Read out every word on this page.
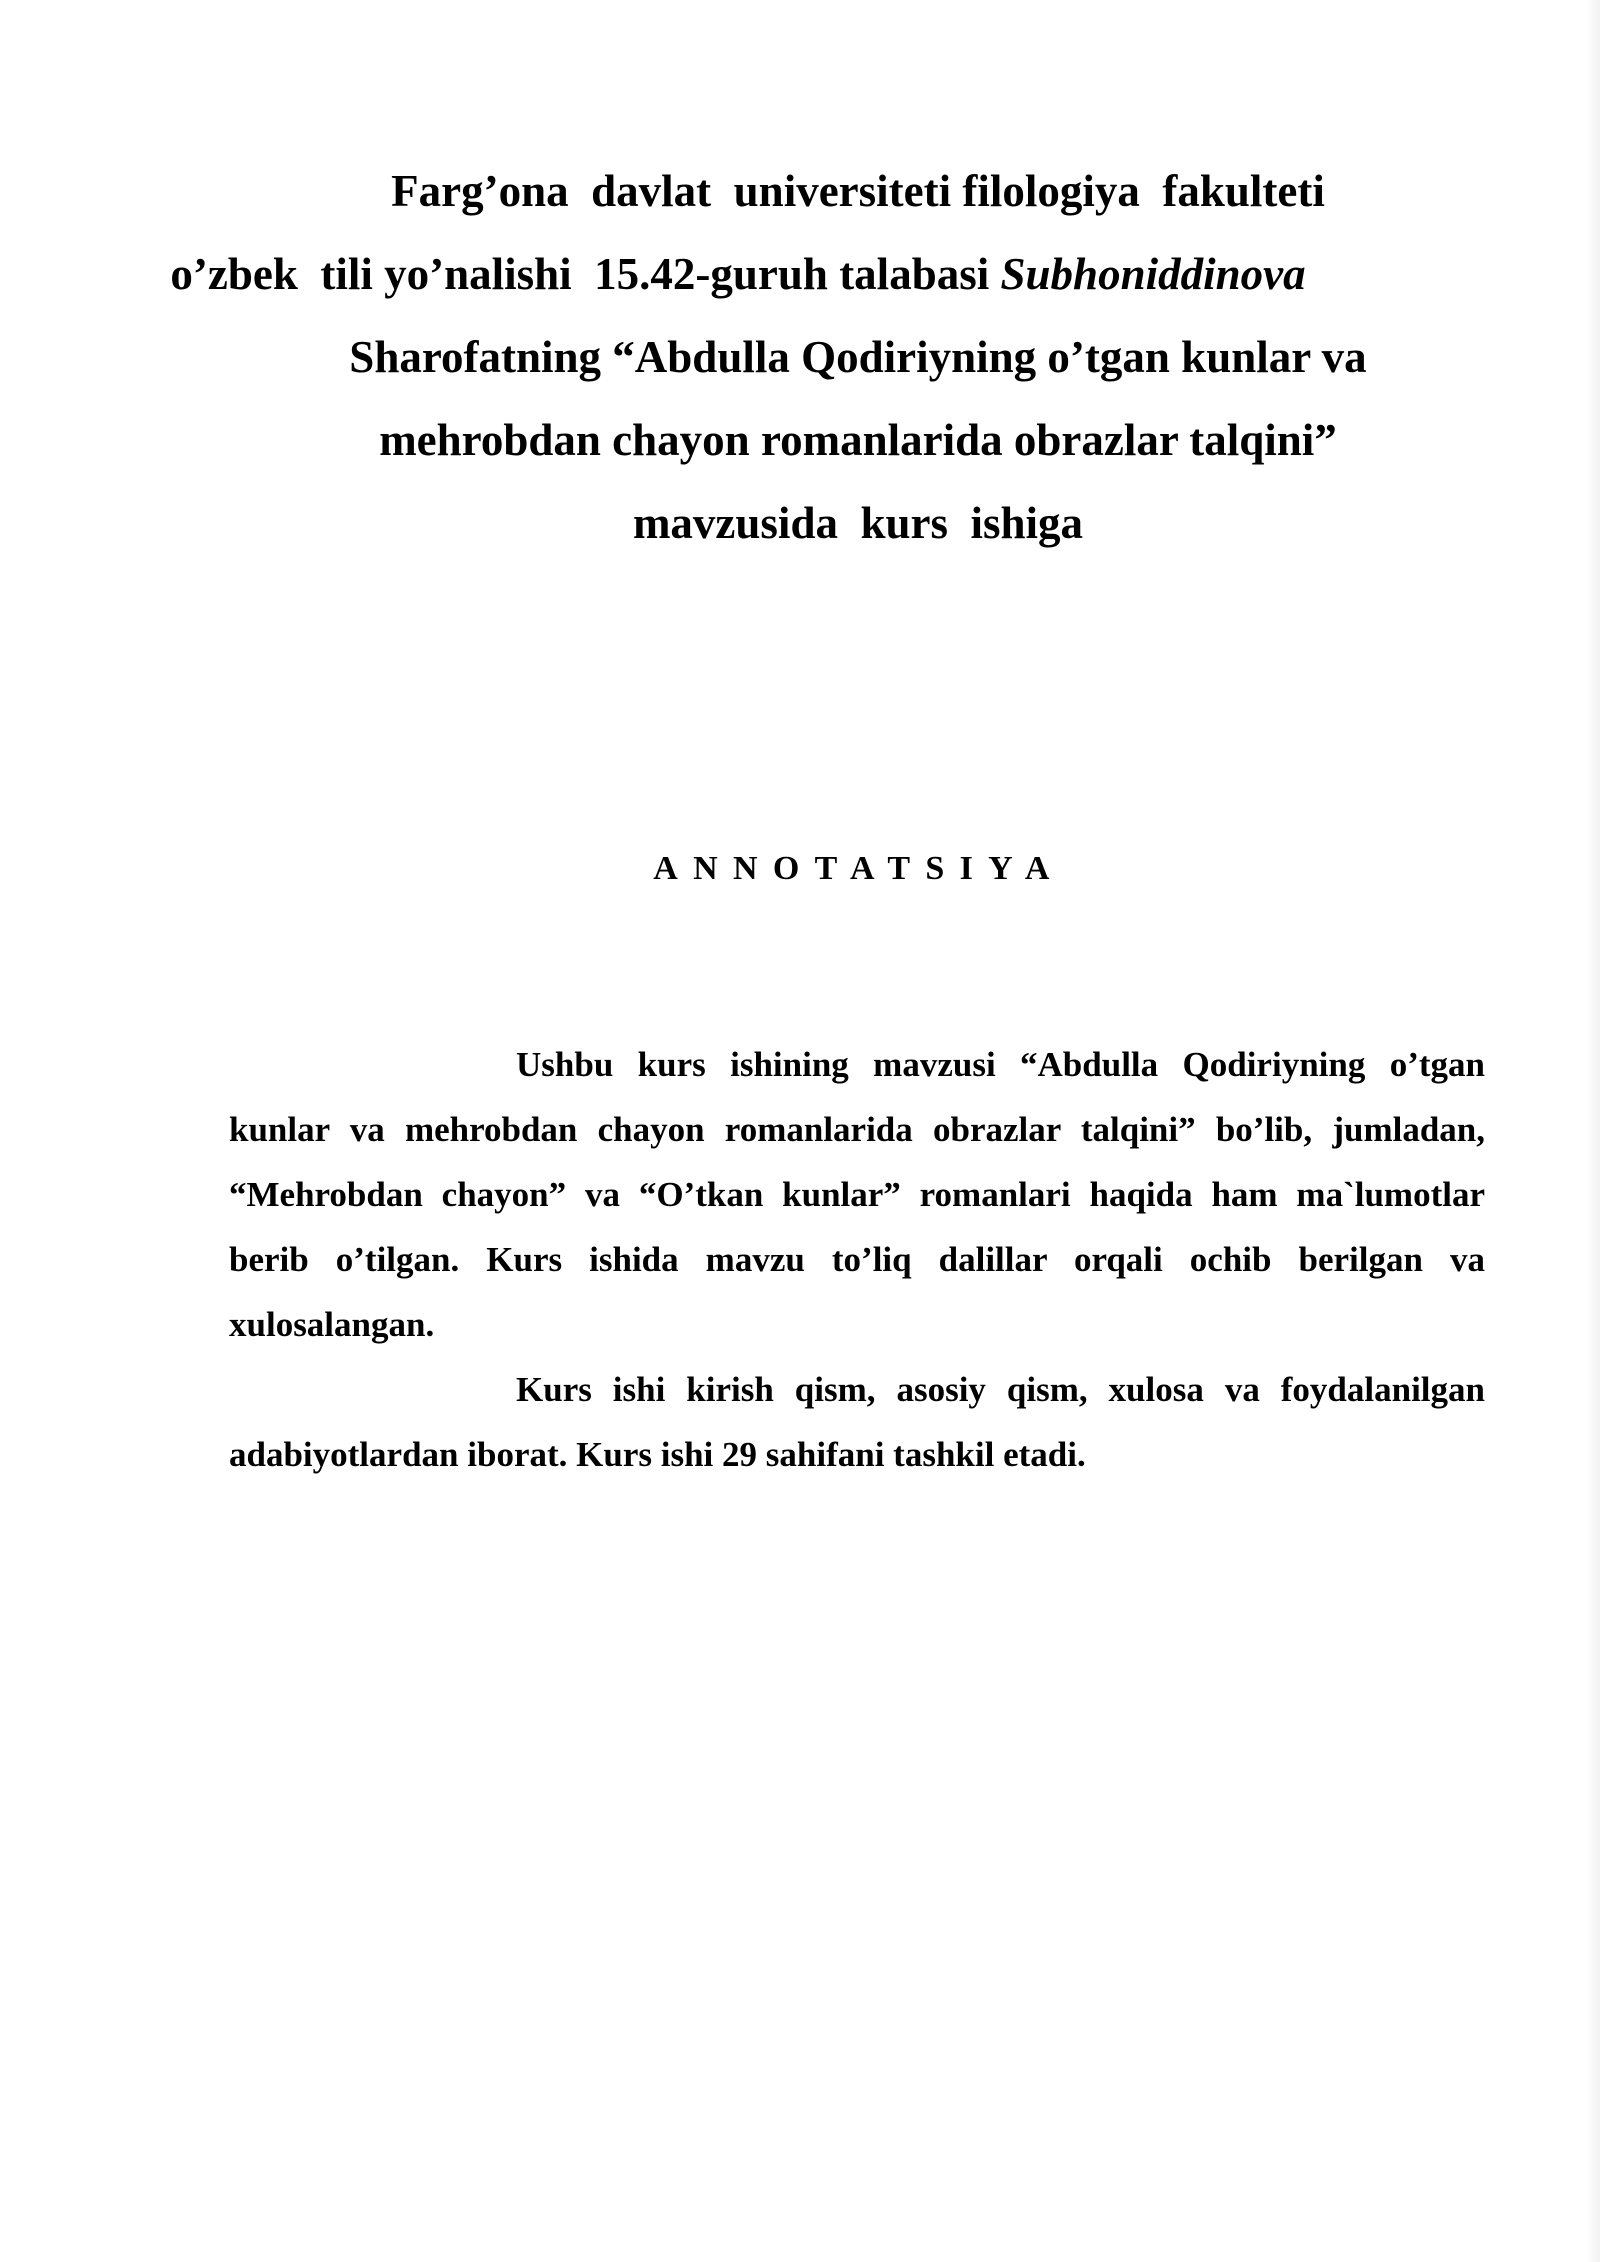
Farg’ona  davlat  universiteti filologiya  fakulteti
o’zbek  tili yo’nalishi  15.42-guruh talabasi Subhoniddinova
Sharofatning “Abdulla Qodiriyning o’tgan kunlar va
mehrobdan chayon romanlarida obrazlar talqini”
mavzusida  kurs  ishiga
ANNOTATSIYA

Ushbu kurs ishining mavzusi “Abdulla Qodiriyning o’tgan kunlar va mehrobdan chayon romanlarida obrazlar talqini” bo’lib, jumladan, “Mehrobdan chayon” va “O’tkan kunlar” romanlari haqida ham ma`lumotlar berib o’tilgan. Kurs ishida mavzu to’liq dalillar orqali ochib berilgan va xulosalangan.

Kurs ishi kirish qism, asosiy qism, xulosa va foydalanilgan adabiyotlardan iborat. Kurs ishi 29 sahifani tashkil etadi.
